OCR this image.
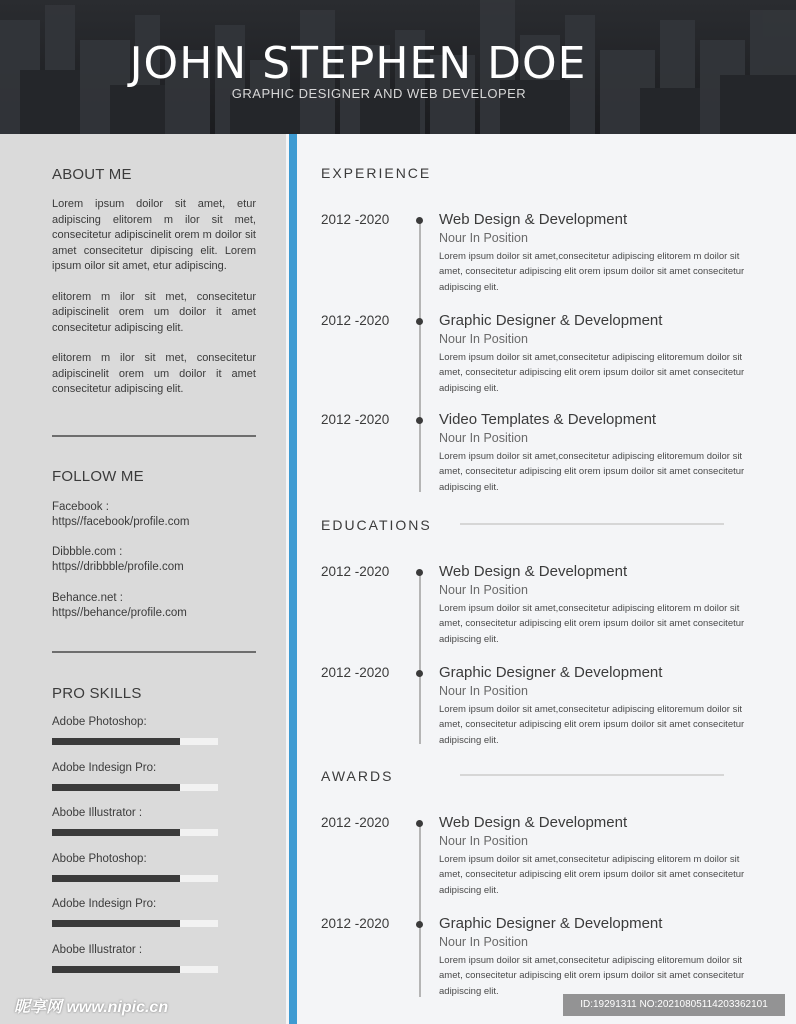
JOHN STEPHEN DOE
GRAPHIC DESIGNER AND WEB DEVELOPER
ABOUT ME

Lorem ipsum doilor sit amet, etur adipiscing elitorem m ilor sit met, consecitetur adipiscinelit orem m doilor sit amet consecitetur dipiscing elit. Lorem ipsum oilor sit amet, etur adipiscing.

elitorem m ilor sit met, consecitetur adipiscinelit orem um doilor it amet consecitetur adipiscing elit.

elitorem m ilor sit met, consecitetur adipiscinelit orem um doilor it amet consecitetur adipiscing elit.

FOLLOW ME
Facebook :
https//facebook/profile.com
Dibbble.com :
https//dribbble/profile.com
Behance.net :
https//behance/profile.com
PRO SKILLS
Adobe Photoshop:
Adobe Indesign Pro:
Abobe Illustrator :
Abobe Photoshop:
Adobe Indesign Pro:
Abobe Illustrator :
EXPERIENCE
2012 -2020	Web Design & Development
Nour In Position
Lorem ipsum doilor sit amet,consecitetur adipiscing elitorem m doilor sit amet, consecitetur adipiscing elit orem ipsum doilor sit amet consecitetur adipiscing elit.
2012 -2020	Graphic Designer & Development
Nour In Position
Lorem ipsum doilor sit amet,consecitetur adipiscing elitoremum doilor sit amet, consecitetur adipiscing elit orem ipsum doilor sit amet consecitetur adipiscing elit.
2012 -2020	Video Templates & Development
Nour In Position
Lorem ipsum doilor sit amet,consecitetur adipiscing elitoremum doilor sit amet, consecitetur adipiscing elit orem ipsum doilor sit amet consecitetur adipiscing elit.
EDUCATIONS
2012 -2020	Web Design & Development
Nour In Position
Lorem ipsum doilor sit amet,consecitetur adipiscing elitorem m doilor sit amet, consecitetur adipiscing elit orem ipsum doilor sit amet consecitetur adipiscing elit.
2012 -2020	Graphic Designer & Development
Nour In Position
Lorem ipsum doilor sit amet,consecitetur adipiscing elitoremum doilor sit amet, consecitetur adipiscing elit orem ipsum doilor sit amet consecitetur adipiscing elit.
AWARDS
2012 -2020	Web Design & Development
Nour In Position
Lorem ipsum doilor sit amet,consecitetur adipiscing elitorem m doilor sit amet, consecitetur adipiscing elit orem ipsum doilor sit amet consecitetur adipiscing elit.
2012 -2020	Graphic Designer & Development
Nour In Position
Lorem ipsum doilor sit amet,consecitetur adipiscing elitoremum doilor sit amet, consecitetur adipiscing elit orem ipsum doilor sit amet consecitetur adipiscing elit.
昵享网 www.nipic.cn	ID:19291311 NO:20210805114203362101
